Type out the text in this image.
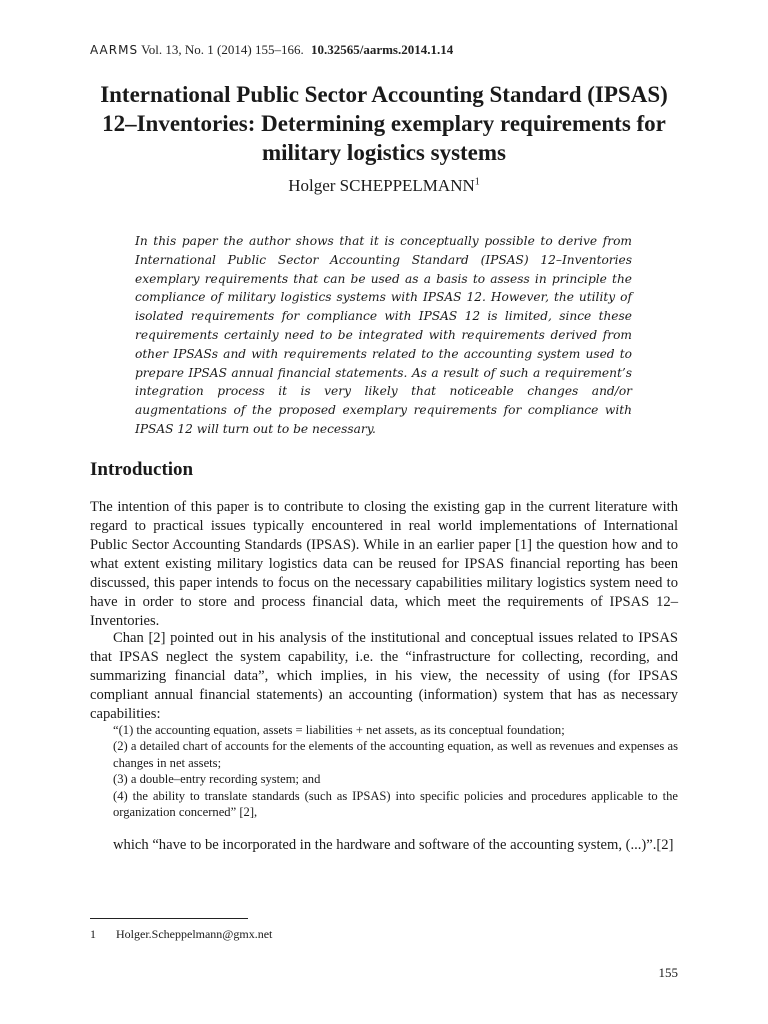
AARMS Vol. 13, No. 1 (2014) 155–166. 10.32565/aarms.2014.1.14
International Public Sector Accounting Standard (IPSAS) 12–Inventories: Determining exemplary requirements for military logistics systems
Holger SCHEPPELMANN$^1$

In this paper the author shows that it is conceptually possible to derive from International Public Sector Accounting Standard (IPSAS) 12–Inventories exemplary requirements that can be used as a basis to assess in principle the compliance of military logistics systems with IPSAS 12. However, the utility of isolated requirements for compliance with IPSAS 12 is limited, since these requirements certainly need to be integrated with requirements derived from other IPSASs and with requirements related to the accounting system used to prepare IPSAS annual financial statements. As a result of such a requirement’s integration process it is very likely that noticeable changes and/or augmentations of the proposed exemplary requirements for compliance with IPSAS 12 will turn out to be necessary.

Introduction

The intention of this paper is to contribute to closing the existing gap in the current literature with regard to practical issues typically encountered in real world implementations of International Public Sector Accounting Standards (IPSAS). While in an earlier paper [1] the question how and to what extent existing military logistics data can be reused for IPSAS financial reporting has been discussed, this paper intends to focus on the necessary capabilities military logistics system need to have in order to store and process financial data, which meet the requirements of IPSAS 12–Inventories.

Chan [2] pointed out in his analysis of the institutional and conceptual issues related to IPSAS that IPSAS neglect the system capability, i.e. the “infrastructure for collecting, recording, and summarizing financial data”, which implies, in his view, the necessity of using (for IPSAS compliant annual financial statements) an accounting (information) system that has as necessary capabilities:

“(1) the accounting equation, assets = liabilities + net assets, as its conceptual foundation;
(2) a detailed chart of accounts for the elements of the accounting equation, as well as revenues and expenses as changes in net assets;
(3) a double–entry recording system; and
(4) the ability to translate standards (such as IPSAS) into specific policies and procedures applicable to the organization concerned” [2],

which “have to be incorporated in the hardware and software of the accounting system, (...)”.[2]

1 Holger.Scheppelmann@gmx.net
155
